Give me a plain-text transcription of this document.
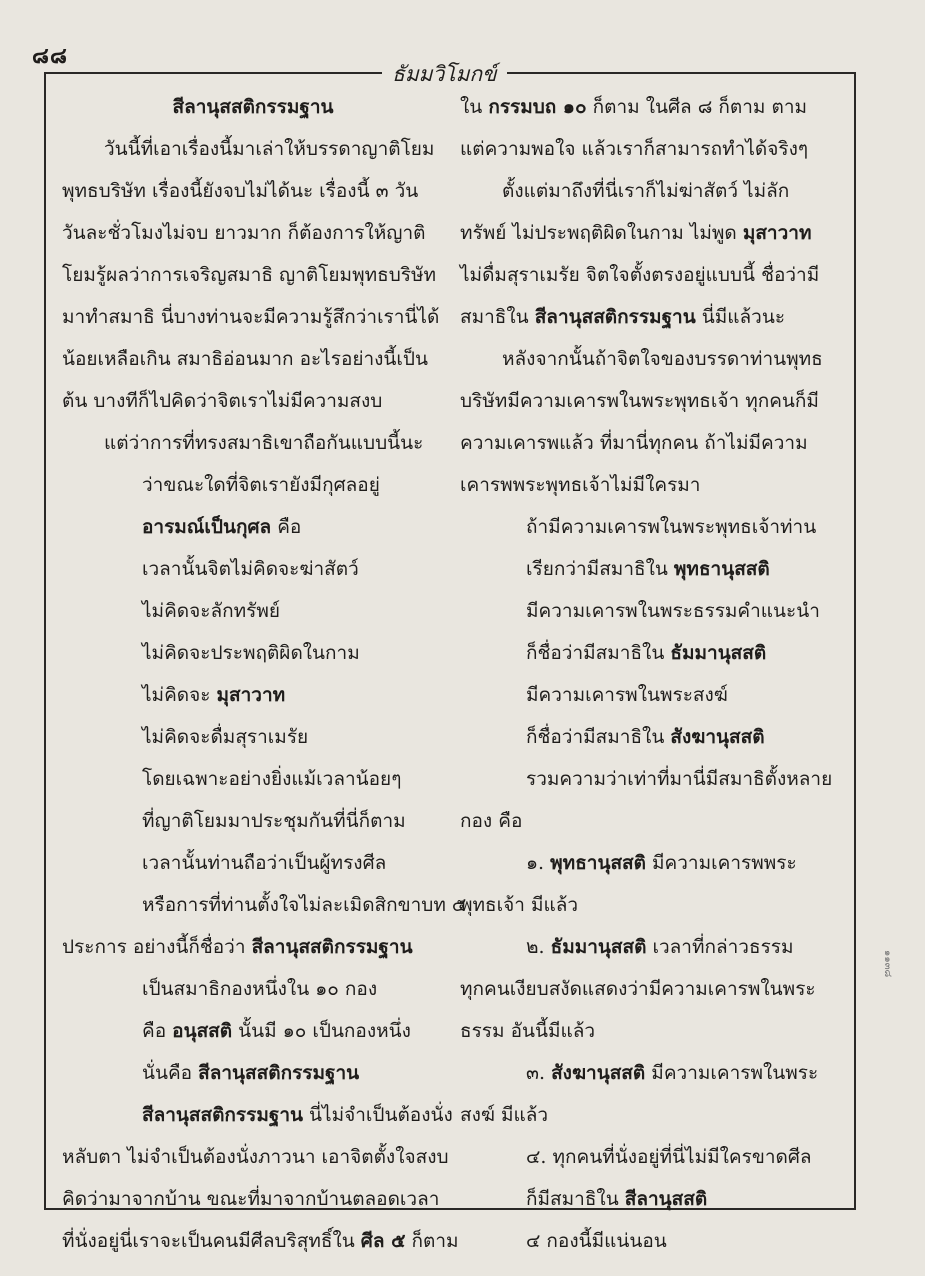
๘๘
ธัมมวิโมกข์
สีลานุสสติกรรมฐาน
วันนี้ที่เอาเรื่องนี้มาเล่าให้บรรดาญาติโยม
พุทธบริษัท เรื่องนี้ยังจบไม่ได้นะ เรื่องนี้ ๓ วัน
วันละชั่วโมงไม่จบ ยาวมาก ก็ต้องการให้ญาติ
โยมรู้ผลว่าการเจริญสมาธิ ญาติโยมพุทธบริษัท
มาทำสมาธิ นี่บางท่านจะมีความรู้สึกว่าเรานี่ได้
น้อยเหลือเกิน สมาธิอ่อนมาก อะไรอย่างนี้เป็น
ต้น บางทีก็ไปคิดว่าจิตเราไม่มีความสงบ
แต่ว่าการที่ทรงสมาธิเขาถือกันแบบนี้นะ
ว่าขณะใดที่จิตเรายังมีกุศลอยู่
อารมณ์เป็นกุศล คือ
เวลานั้นจิตไม่คิดจะฆ่าสัตว์
ไม่คิดจะลักทรัพย์
ไม่คิดจะประพฤติผิดในกาม
ไม่คิดจะ มุสาวาท
ไม่คิดจะดื่มสุราเมรัย
โดยเฉพาะอย่างยิ่งแม้เวลาน้อยๆ
ที่ญาติโยมมาประชุมกันที่นี่ก็ตาม
เวลานั้นท่านถือว่าเป็นผู้ทรงศีล
หรือการที่ท่านตั้งใจไม่ละเมิดสิกขาบท ๕
ประการ อย่างนี้ก็ชื่อว่า สีลานุสสติกรรมฐาน
เป็นสมาธิกองหนึ่งใน ๑๐ กอง
คือ อนุสสติ นั้นมี ๑๐ เป็นกองหนึ่ง
นั่นคือ สีลานุสสติกรรมฐาน
สีลานุสสติกรรมฐาน นี่ไม่จำเป็นต้องนั่ง
หลับตา ไม่จำเป็นต้องนั่งภาวนา เอาจิตตั้งใจสงบ
คิดว่ามาจากบ้าน ขณะที่มาจากบ้านตลอดเวลา
ที่นั่งอยู่นี่เราจะเป็นคนมีศีลบริสุทธิ์ใน ศีล ๕ ก็ตาม
ใน กรรมบถ ๑๐ ก็ตาม ในศีล ๘ ก็ตาม ตาม
แต่ความพอใจ แล้วเราก็สามารถทำได้จริงๆ
ตั้งแต่มาถึงที่นี่เราก็ไม่ฆ่าสัตว์ ไม่ลัก
ทรัพย์ ไม่ประพฤติผิดในกาม ไม่พูด มุสาวาท
ไม่ดื่มสุราเมรัย จิตใจตั้งตรงอยู่แบบนี้ ชื่อว่ามี
สมาธิใน สีลานุสสติกรรมฐาน นี่มีแล้วนะ
หลังจากนั้นถ้าจิตใจของบรรดาท่านพุทธ
บริษัทมีความเคารพในพระพุทธเจ้า ทุกคนก็มี
ความเคารพแล้ว ที่มานี่ทุกคน ถ้าไม่มีความ
เคารพพระพุทธเจ้าไม่มีใครมา
ถ้ามีความเคารพในพระพุทธเจ้าท่าน
เรียกว่ามีสมาธิใน พุทธานุสสติ
มีความเคารพในพระธรรมคำแนะนำ
ก็ชื่อว่ามีสมาธิใน ธัมมานุสสติ
มีความเคารพในพระสงฆ์
ก็ชื่อว่ามีสมาธิใน สังฆานุสสติ
รวมความว่าเท่าที่มานี่มีสมาธิตั้งหลาย
กอง คือ
๑. พุทธานุสสติ มีความเคารพพระ
พุทธเจ้า มีแล้ว
๒. ธัมมานุสสติ เวลาที่กล่าวธรรม
ทุกคนเงียบสงัดแสดงว่ามีความเคารพในพระ
ธรรม อันนี้มีแล้ว
๓. สังฆานุสสติ มีความเคารพในพระ
สงฆ์ มีแล้ว
๔. ทุกคนที่นั่งอยู่ที่นี่ไม่มีใครขาดศีล
ก็มีสมาธิใน สีลานุสสติ
๔ กองนี้มีแน่นอน
๑๑๓๘
